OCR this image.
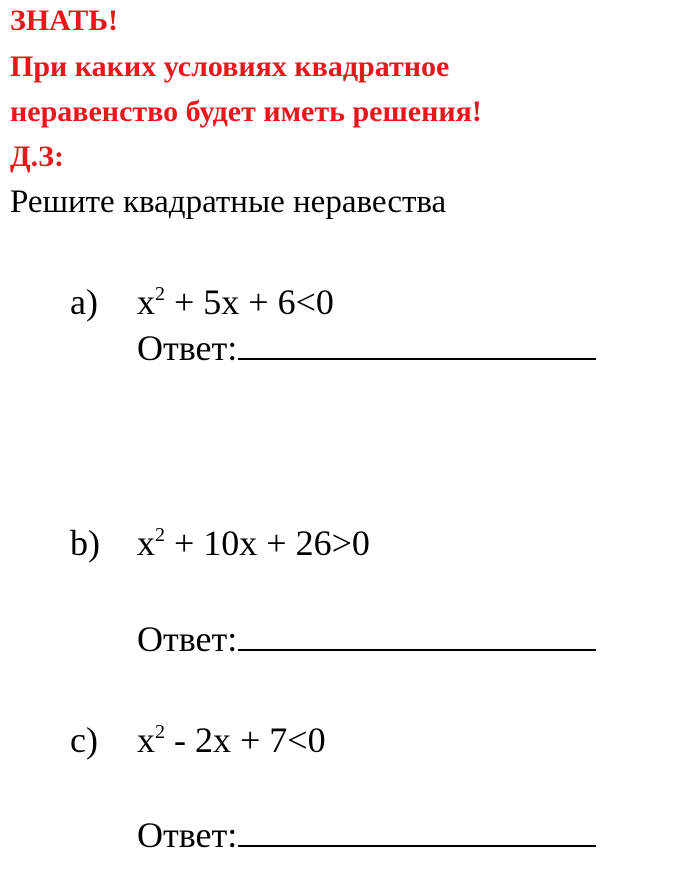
ЗНАТЬ!
При каких условиях квадратное
неравенство будет иметь решения!
Д.З:
Решите квадратные неравества
a) $x^2 + 5x + 6<0$
Ответ:
b) $x^2 + 10x + 26>0$
Ответ:
c) $x^2 - 2x + 7<0$
Ответ:
